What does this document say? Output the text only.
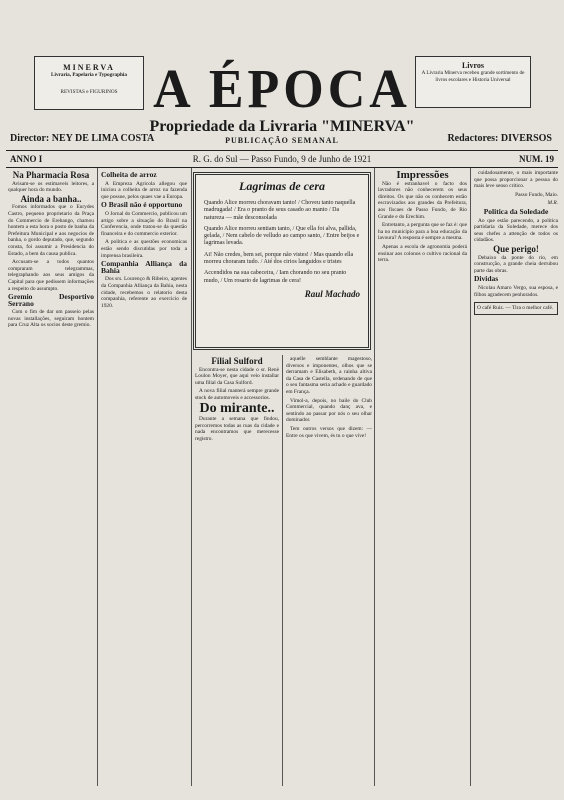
MINERVA
Livraria, Papelaria e Typographia
REVISTAS e FIGURINOS
Livros
A Livraria Minerva recebeu grande sortimento de livros escolares e Historia Universal
A ÉPOCA
Propriedade da Livraria "MINERVA"
PUBLICAÇÃO SEMANAL
Director: NEY DE LIMA COSTA	Redactores: DIVERSOS
ANNO I	R. G. do Sul — Passo Fundo, 9 de Junho de 1921	NUM. 19
Na Pharmacia Rosa

Avisam-se os estimaveis leitores, a qualquer hora do mundo.

Ainda a banha..

Fomos informados que o Eurydes Castro, pequeno proprietario da Praça do Commercio de Erebango, chamou hontem a esta hora o posto de banha da Prefeitura Municipal e aos negocios de banha, o gordo deputado, que, segundo consta, foi assumir a Presidencia do Estado, a bem da causa publica.

Accusam-se a todos quantos compraram telegrammas, telegraphando aos seus amigos da Capital para que pedissem informações a respeito do assumpto.

Gremio Desportivo Serrano

Com o fim de dar um passeio pelas novas installações, seguiram hontem para Cruz Alta os socios deste gremio.

Colheita de arroz

A Empreza Agricola allegou que iniciou a colheita de arroz na fazenda que possue, pelos quaes vae a Europa.

O Brasil não é opportuno

O Jornal do Commercio, publicou um artigo sobre a situação do Brasil na Conferencia, onde tratou-se da questão financeira e do commercio exterior.

A politica e as questões economicas estão sendo discutidas por toda a imprensa brasileira.

Companhia Alliança da Bahia

Dos srs. Lourenço & Ribeiro, agentes da Companhia Alliança da Bahia, nesta cidade, recebemos o relatorio desta companhia, referente ao exercicio de 1920.

Lagrimas de cera
Quando Alice morreu choravam tanto! / Choveu tanto naquella madrugada! / Era o pranto de seus casado ao manto / Da natureza — mãe desconsolada
Quando Alice morreu sentiam tanto, / Que ella foi alva, pallida, gelada, / Nem cabelo de velludo ao campo santo, / Entre beijos e lagrimas levada.
Ai! Não credes, bem sei, porque não vistes! / Mas quando ella morreu choraram tudo. / Até dos cirios languidos e tristes
Accendidos na sua cabeceira, / Iam chorando no seu pranto mudo, / Um rosario de lagrimas de cera!
Raul Machado
Filial Sulford

Encontra-se nesta cidade o sr. Renè Loulon Moyer, que aqui veio installar uma filial da Casa Sulford.

A nova filial manterá sempre grande stock de automoveis e accessorios.

Do mirante..

Durante a semana que findou, percorremos todas as ruas da cidade e nada encontramos que merecesse registro.

aquelle semblante magestoso, diversos e imponentes, olhos que se derramam e Elisabeth, a rainha altiva da Casa de Castella, ordenando de que o seu fantasma seria achado e guardado em França.

Vimol-a, depois, no baile do Club Commercial, quando danç ava, e sentindo ao passar por nós o seu olhar dominador.

Tem outros versos que dizem: — Entre os que vivem, és tu o que vive!

Impressões

Não é estranhavel o facto dos lavradores não conhecerem os seus direitos. Os que não os conhecem estão escravizados aos grandes da Prefeitura, aos fiscaes de Passo Fundo, de Rio Grande e do Erechim.

Entretanto, a pergunta que se faz é: que ha no municipio para a boa educação da lavoura? A resposta é sempre a mesma.

Apenas a escola de agronomia poderá ensinar aos colonos o cultivo racional da terra.

cuidadosamente, o mais importante que possa proporcionar a pessoa do mais leve senso critico.

Passo Fundo, Maio.

M.R.

Politica da Soledade

Ao que estão parecendo, a politica partidaria da Soledade, merece dos seus chefes a attenção de todos os cidadãos.

Que perigo!

Debaixo da ponte do rio, em construcção, a grande cheia derrubou parte das obras.

Dividas

Nicolau Amaro Vergo, sua esposa, e filhos agradecem penhorados.

O café Ruiz. — Tira o melhor café.
